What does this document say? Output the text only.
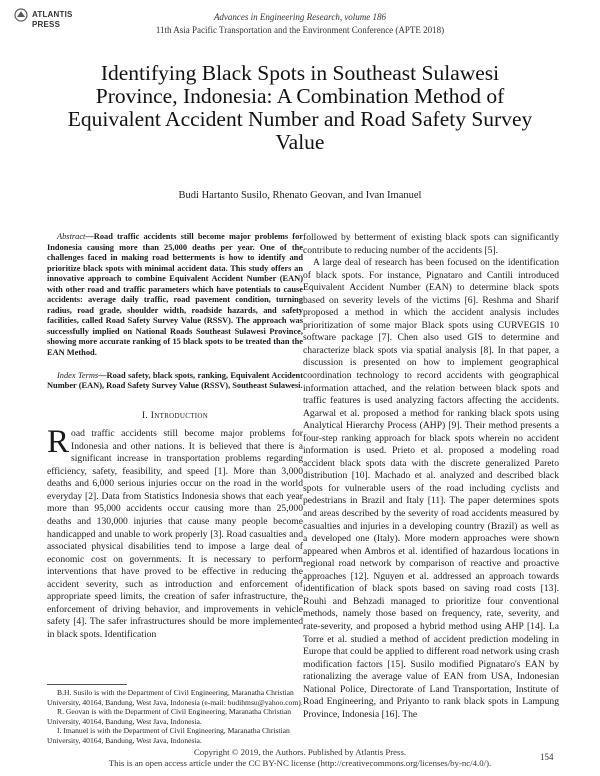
ATLANTIS
PRESS
Advances in Engineering Research, volume 186
11th Asia Pacific Transportation and the Environment Conference (APTE 2018)
Identifying Black Spots in Southeast Sulawesi Province, Indonesia: A Combination Method of Equivalent Accident Number and Road Safety Survey Value
Budi Hartanto Susilo, Rhenato Geovan, and Ivan Imanuel

Abstract—Road traffic accidents still become major problems for Indonesia causing more than 25,000 deaths per year. One of the challenges faced in making road betterments is how to identify and prioritize black spots with minimal accident data. This study offers an innovative approach to combine Equivalent Accident Number (EAN) with other road and traffic parameters which have potentials to cause accidents: average daily traffic, road pavement condition, turning radius, road grade, shoulder width, roadside hazards, and safety facilities, called Road Safety Survey Value (RSSV). The approach was successfully implied on National Roads Southeast Sulawesi Province, showing more accurate ranking of 15 black spots to be treated than the EAN Method.

Index Terms—Road safety, black spots, ranking, Equivalent Accident Number (EAN), Road Safety Survey Value (RSSV), Southeast Sulawesi.

I. Introduction

Road traffic accidents still become major problems for Indonesia and other nations. It is believed that there is a significant increase in transportation problems regarding efficiency, safety, feasibility, and speed [1]. More than 3,000 deaths and 6,000 serious injuries occur on the road in the world everyday [2]. Data from Statistics Indonesia shows that each year more than 95,000 accidents occur causing more than 25,000 deaths and 130,000 injuries that cause many people become handicapped and unable to work properly [3]. Road casualties and associated physical disabilities tend to impose a large deal of economic cost on governments. It is necessary to perform interventions that have proved to be effective in reducing the accident severity, such as introduction and enforcement of appropriate speed limits, the creation of safer infrastructure, the enforcement of driving behavior, and improvements in vehicle safety [4]. The safer infrastructures should be more implemented in black spots. Identification

followed by betterment of existing black spots can significantly contribute to reducing number of the accidents [5].

A large deal of research has been focused on the identification of black spots. For instance, Pignataro and Cantili introduced Equivalent Accident Number (EAN) to determine black spots based on severity levels of the victims [6]. Reshma and Sharif proposed a method in which the accident analysis includes prioritization of some major Black spots using CURVEGIS 10 software package [7]. Chen also used GIS to determine and characterize black spots via spatial analysis [8]. In that paper, a discussion is presented on how to implement geographical coordination technology to record accidents with geographical information attached, and the relation between black spots and traffic features is used analyzing factors affecting the accidents. Agarwal et al. proposed a method for ranking black spots using Analytical Hierarchy Process (AHP) [9]. Their method presents a four-step ranking approach for black spots wherein no accident information is used. Prieto et al. proposed a modeling road accident black spots data with the discrete generalized Pareto distribution [10]. Machado et al. analyzed and described black spots for vulnerable users of the road including cyclists and pedestrians in Brazil and Italy [11]. The paper determines spots and areas described by the severity of road accidents measured by casualties and injuries in a developing country (Brazil) as well as a developed one (Italy). More modern approaches were shown appeared when Ambros et al. identified of hazardous locations in regional road network by comparison of reactive and proactive approaches [12]. Nguyen et al. addressed an approach towards identification of black spots based on saving road costs [13]. Rouhi and Behzadi managed to prioritize four conventional methods, namely those based on frequency, rate, severity, and rate-severity, and proposed a hybrid method using AHP [14]. La Torre et al. studied a method of accident prediction modeling in Europe that could be applied to different road network using crash modification factors [15]. Susilo modified Pignataro's EAN by rationalizing the average value of EAN from USA, Indonesian National Police, Directorate of Land Transportation, Institute of Road Engineering, and Priyanto to rank black spots in Lampung Province, Indonesia [16]. The

B.H. Susilo is with the Department of Civil Engineering, Maranatha Christian University, 40164, Bandung, West Java, Indonesia (e-mail: budihmsu@yahoo.com).

R. Geovan is with the Department of Civil Engineering, Maranatha Christian University, 40164, Bandung, West Java, Indonesia.

I. Imanuel is with the Department of Civil Engineering, Maranatha Christian University, 40164, Bandung, West Java, Indonesia.

Copyright © 2019, the Authors. Published by Atlantis Press.
This is an open access article under the CC BY-NC license (http://creativecommons.org/licenses/by-nc/4.0/).
154
